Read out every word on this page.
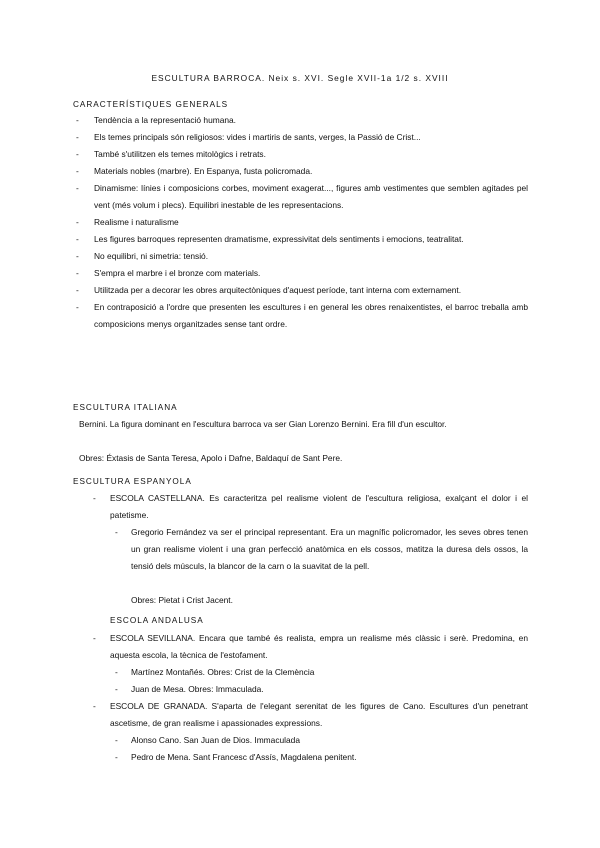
ESCULTURA BARROCA. Neix s. XVI. Segle XVII-1a 1/2 s. XVIII
CARACTERÍSTIQUES GENERALS
- Tendència a la representació humana.
- Els temes principals són religiosos: vides i martiris de sants, verges, la Passió de Crist...
- També s'utilitzen els temes mitològics i retrats.
- Materials nobles (marbre). En Espanya, fusta policromada.
- Dinamisme: línies i composicions corbes, moviment exagerat..., figures amb vestimentes que semblen agitades pel vent (més volum i plecs). Equilibri inestable de les representacions.
- Realisme i naturalisme
- Les figures barroques representen dramatisme, expressivitat dels sentiments i emocions, teatralitat.
- No equilibri, ni simetria: tensió.
- S'empra el marbre i el bronze com materials.
- Utilitzada per a decorar les obres arquitectòniques d'aquest període, tant interna com externament.
- En contraposició a l'ordre que presenten les escultures i en general les obres renaixentistes, el barroc treballa amb composicions menys organitzades sense tant ordre.
ESCULTURA ITALIANA
Bernini. La figura dominant en l'escultura barroca va ser Gian Lorenzo Bernini. Era fill d'un escultor.
Obres: Éxtasis de Santa Teresa, Apolo i Dafne, Baldaquí de Sant Pere.
ESCULTURA ESPANYOLA
- ESCOLA CASTELLANA. Es caracteritza pel realisme violent de l'escultura religiosa, exalçant el dolor i el patetisme.
- Gregorio Fernández va ser el principal representant. Era un magnífic policromador, les seves obres tenen un gran realisme violent i una gran perfecció anatòmica en els cossos, matitza la duresa dels ossos, la tensió dels músculs, la blancor de la carn o la suavitat de la pell.
Obres: Pietat i Crist Jacent.
ESCOLA ANDALUSA
- ESCOLA SEVILLANA. Encara que també és realista, empra un realisme més clàssic i serè. Predomina, en aquesta escola, la tècnica de l'estofament.
- Martínez Montañés. Obres: Crist de la Clemència
- Juan de Mesa. Obres: Immaculada.
- ESCOLA DE GRANADA. S'aparta de l'elegant serenitat de les figures de Cano. Escultures d'un penetrant ascetisme, de gran realisme i apassionades expressions.
- Alonso Cano. San Juan de Dios. Immaculada
- Pedro de Mena. Sant Francesc d'Assís, Magdalena penitent.
